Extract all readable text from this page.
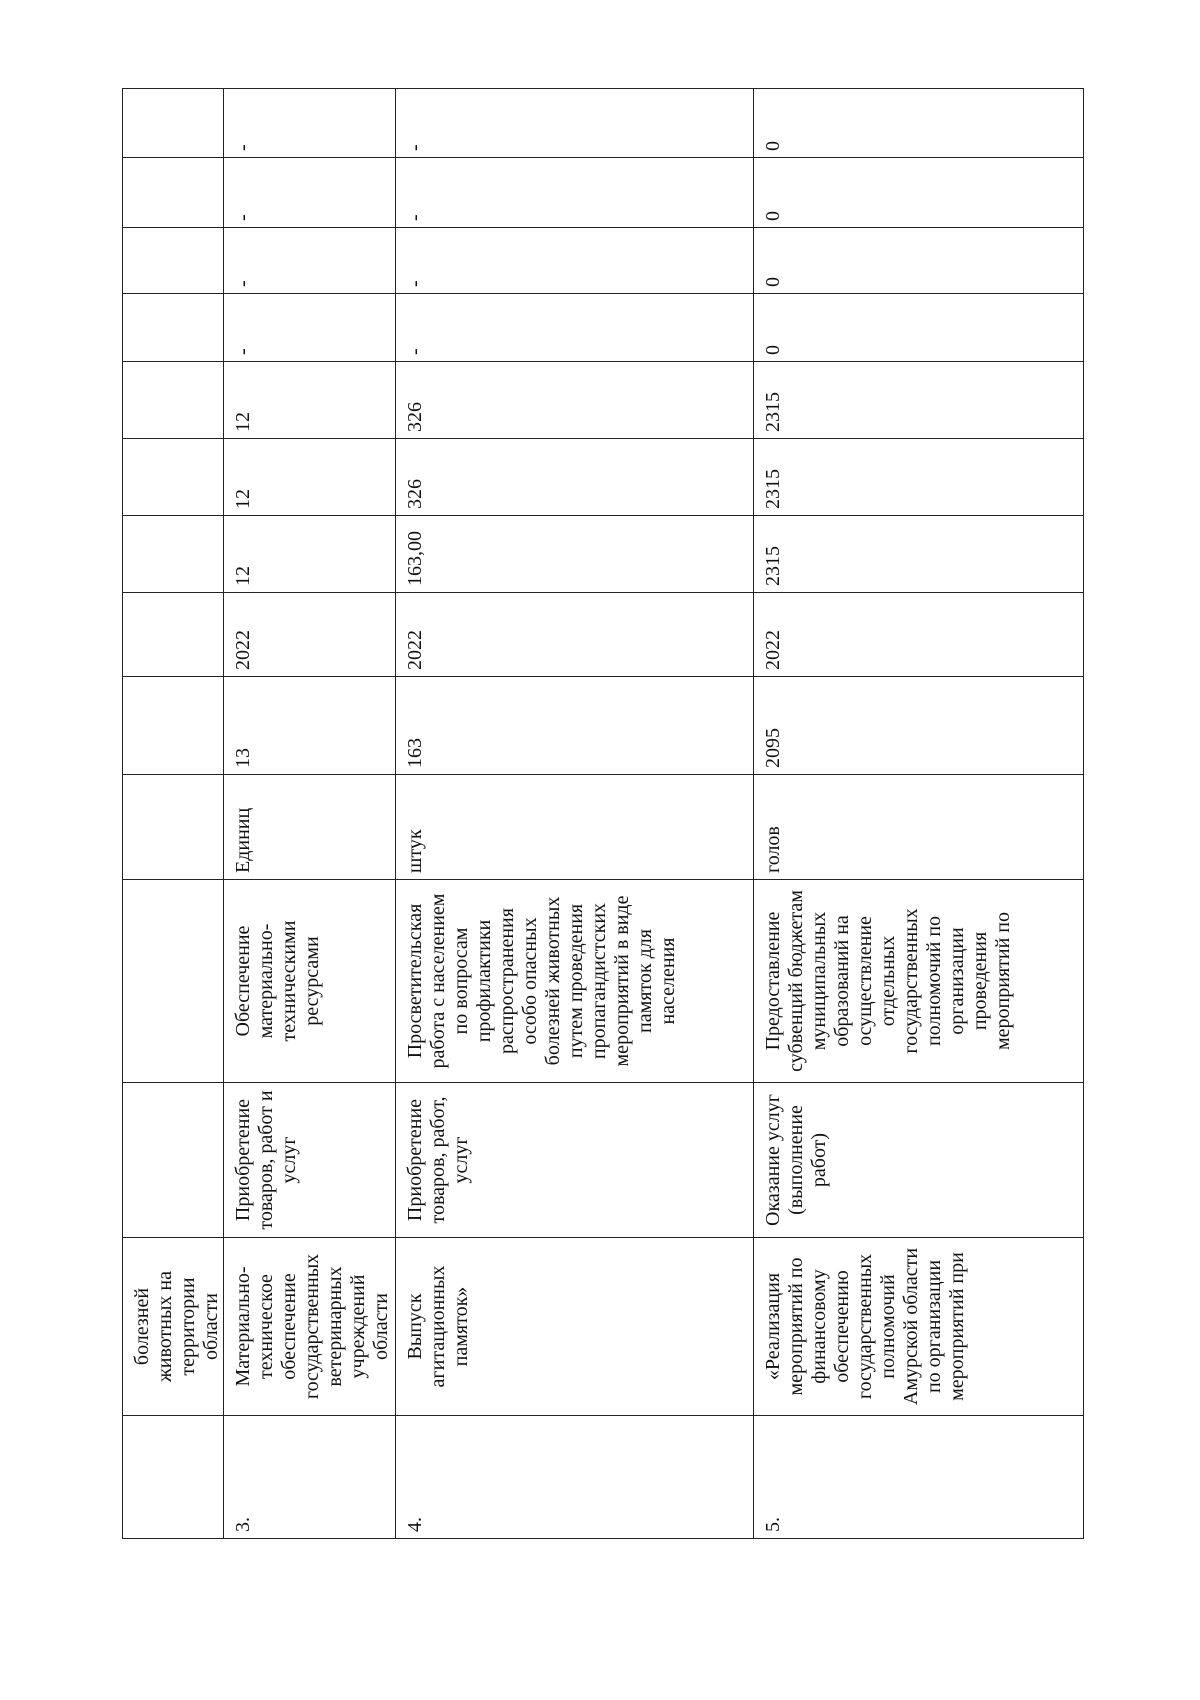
	болезней животных на территории области												
3.	Материально-техническое обеспечение государственных ветеринарных учреждений области	Приобретение товаров, работ и услуг	Обеспечение материально-техническими ресурсами	Единиц	13	2022	12	12	12	-	-	-	-
4.	Выпуск агитационных памяток»	Приобретение товаров, работ, услуг	Просветительская работа с населением по вопросам профилактики распространения особо опасных болезней животных путем проведения пропагандистских мероприятий в виде памяток для населения	штук	163	2022	163,00	326	326	-	-	-	-
5.	«Реализация мероприятий по финансовому обеспечению государственных полномочий Амурской области по организации мероприятий при	Оказание услуг (выполнение работ)	Предоставление субвенций бюджетам муниципальных образований на осуществление отдельных государственных полномочий по организации проведения мероприятий по	голов	2095	2022	2315	2315	2315	0	0	0	0
